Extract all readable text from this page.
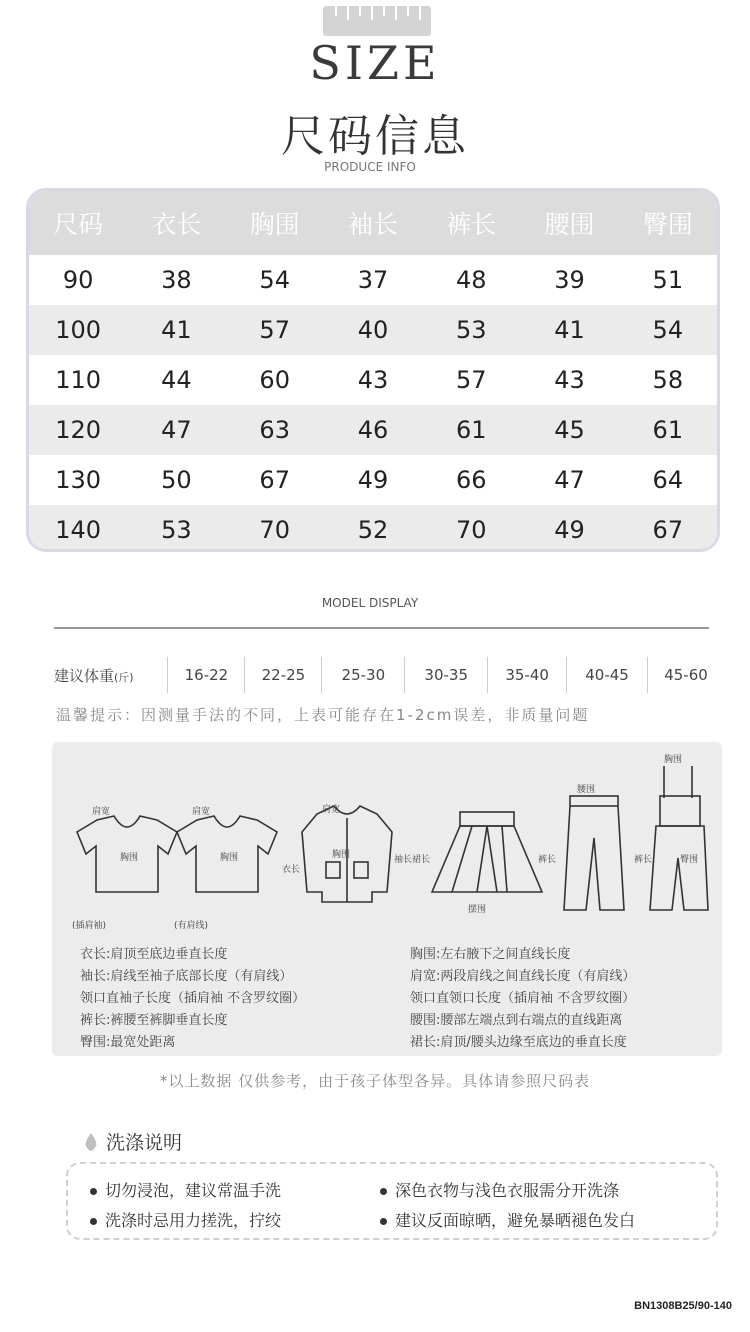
SIZE
尺码信息
PRODUCE INFO
尺码	衣长	胸围	袖长	裤长	腰围	臀围
90	38	54	37	48	39	51
100	41	57	40	53	41	54
110	44	60	43	57	43	58
120	47	63	46	61	45	61
130	50	67	49	66	47	64
140	53	70	52	70	49	67
MODEL DISPLAY
建议体重(斤)	16-22	22-25	25-30	30-35	35-40	40-45	45-60
温馨提示：因测量手法的不同，上表可能存在1-2cm误差，非质量问题
肩宽
胸围
肩宽
胸围
肩宽
胸围
衣长
袖长 裙长
摆围
腰围
裤长
胸围
臀围
裤长
(插肩袖)	(有肩线)
衣长:肩顶至底边垂直长度
袖长:肩线至袖子底部长度（有肩线）
领口直袖子长度（插肩袖 不含罗纹圈）
裤长:裤腰至裤脚垂直长度
臀围:最宽处距离
胸围:左右腋下之间直线长度
肩宽:两段肩线之间直线长度（有肩线）
领口直领口长度（插肩袖 不含罗纹圈）
腰围:腰部左端点到右端点的直线距离
裙长:肩顶/腰头边缘至底边的垂直长度
*以上数据 仅供参考，由于孩子体型各异。具体请参照尺码表
洗涤说明
切勿浸泡，建议常温手洗	深色衣物与浅色衣服需分开洗涤
洗涤时忌用力搓洗，拧绞	建议反面晾晒，避免暴晒褪色发白
BN1308B25/90-140
